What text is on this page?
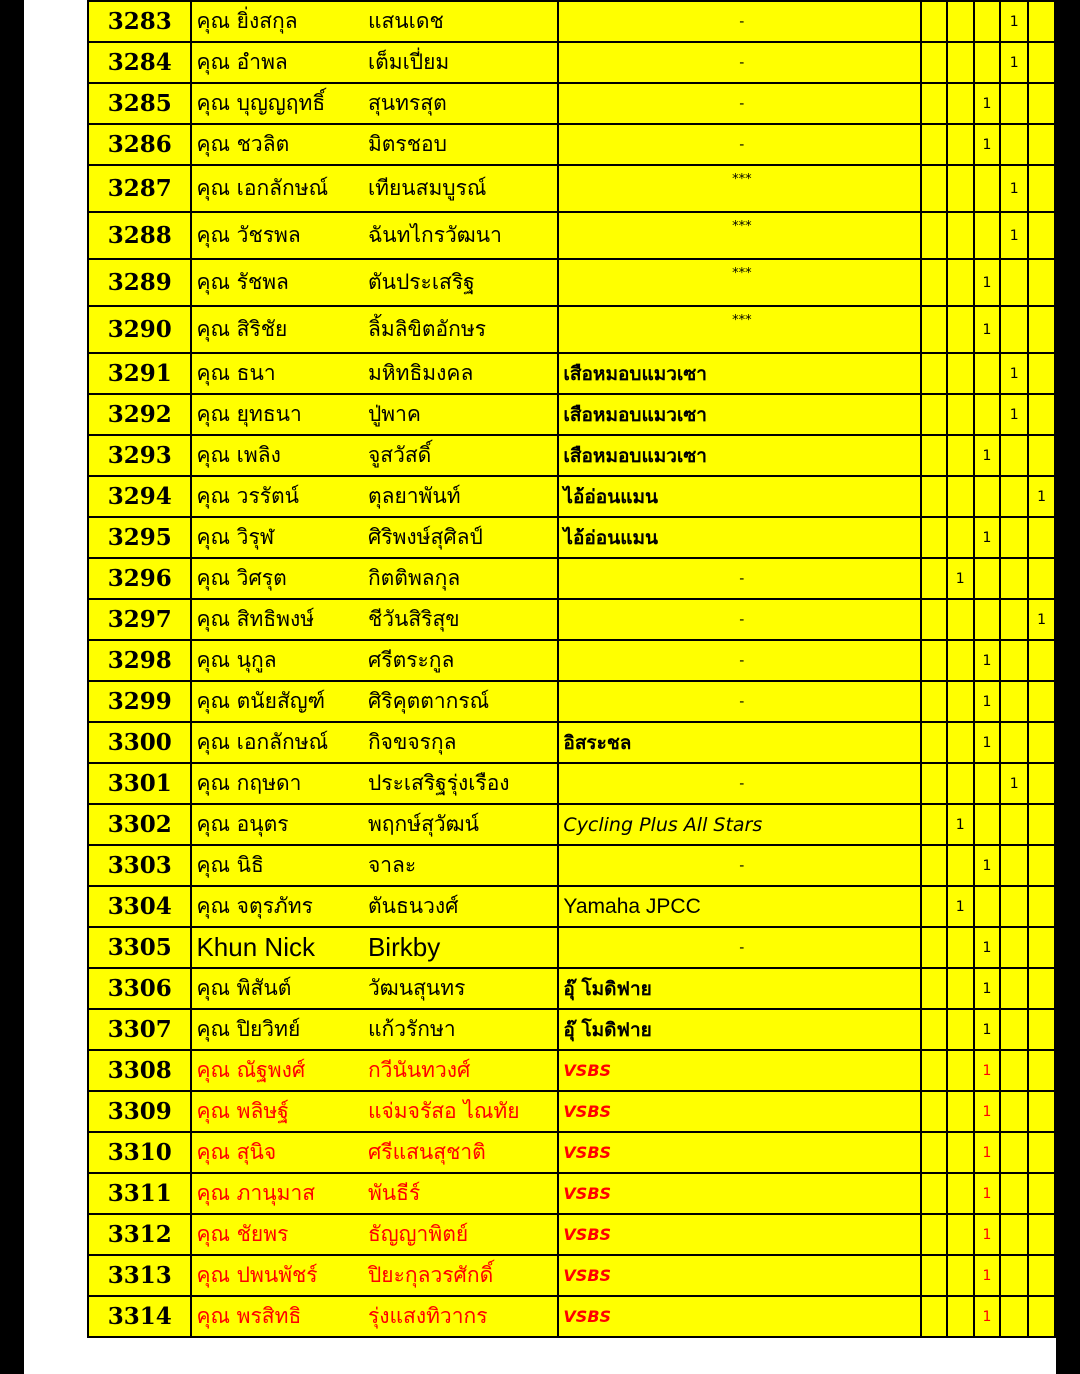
3283	คุณ ยิ่งสกุล	แสนเดช	-				1	
3284	คุณ อำพล	เต็มเปี่ยม	-				1	
3285	คุณ บุญญฤทธิ์	สุนทรสุต	-			1		
3286	คุณ ชวลิต	มิตรชอบ	-			1		
3287	คุณ เอกลักษณ์	เทียนสมบูรณ์	***				1	
3288	คุณ วัชรพล	ฉันทไกรวัฒนา	***				1	
3289	คุณ รัชพล	ตันประเสริฐ	***			1		
3290	คุณ สิริชัย	ลิ้มลิขิตอักษร	***			1		
3291	คุณ ธนา	มหิทธิมงคล	เสือหมอบแมวเซา				1	
3292	คุณ ยุทธนา	ปู่พาค	เสือหมอบแมวเซา				1	
3293	คุณ เพลิง	จูสวัสดิ์	เสือหมอบแมวเซา			1		
3294	คุณ วรรัตน์	ตุลยาพันท์	ไอ้อ่อนแมน					1
3295	คุณ วิรุฬ	ศิริพงษ์สุศิลป์	ไอ้อ่อนแมน			1		
3296	คุณ วิศรุต	กิตติพลกุล	-		1			
3297	คุณ สิทธิพงษ์	ชีวันสิริสุข	-					1
3298	คุณ นุกูล	ศรีตระกูล	-			1		
3299	คุณ ตนัยสัญฑ์	ศิริคุตตากรณ์	-			1		
3300	คุณ เอกลักษณ์	กิจขจรกุล	อิสระชล			1		
3301	คุณ กฤษดา	ประเสริฐรุ่งเรือง	-				1	
3302	คุณ อนุตร	พฤกษ์สุวัฒน์	Cycling Plus All Stars		1			
3303	คุณ นิธิ	จาละ	-			1		
3304	คุณ จตุรภัทร	ตันธนวงศ์	Yamaha JPCC		1			
3305	Khun Nick	Birkby	-			1		
3306	คุณ พิสันต์	วัฒนสุนทร	อุ๊ โมดิฟาย			1		
3307	คุณ ปิยวิทย์	แก้วรักษา	อุ๊ โมดิฟาย			1		
3308	คุณ ณัฐพงศ์	กวีนันทวงศ์	VSBS			1		
3309	คุณ พลิษฐ์	แจ่มจรัสอ ไณทัย	VSBS			1		
3310	คุณ สุนิจ	ศรีแสนสุชาติ	VSBS			1		
3311	คุณ ภานุมาส	พันธีร์	VSBS			1		
3312	คุณ ชัยพร	ธัญญาพิตย์	VSBS			1		
3313	คุณ ปพนพัชร์	ปิยะกุลวรศักดิ์	VSBS			1		
3314	คุณ พรสิทธิ	รุ่งแสงทิวากร	VSBS			1		
